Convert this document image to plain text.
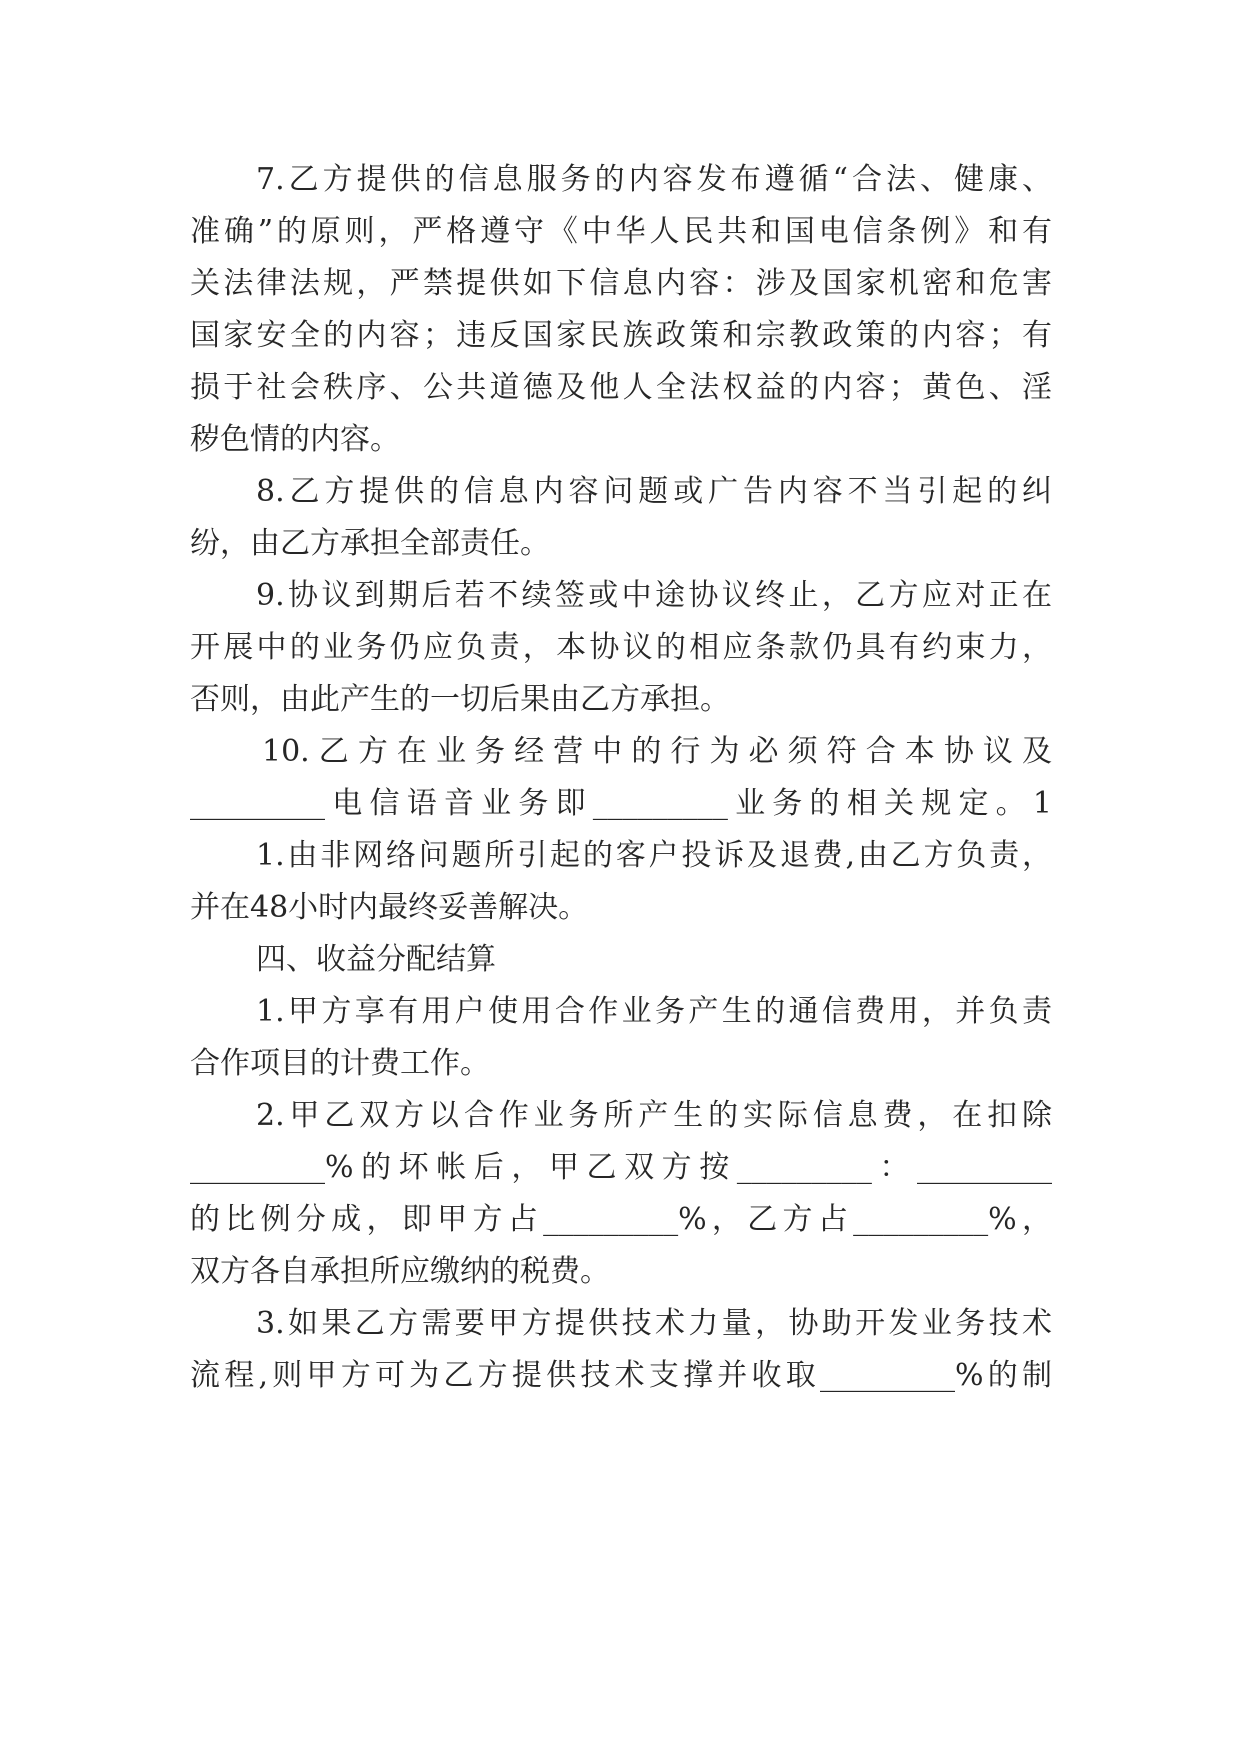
7.乙方提供的信息服务的内容发布遵循“合法、健康、
准确”的原则，严格遵守《中华人民共和国电信条例》和有
关法律法规，严禁提供如下信息内容：涉及国家机密和危害
国家安全的内容；违反国家民族政策和宗教政策的内容；有
损于社会秩序、公共道德及他人全法权益的内容；黄色、淫
秽色情的内容。
8.乙方提供的信息内容问题或广告内容不当引起的纠
纷，由乙方承担全部责任。
9.协议到期后若不续签或中途协议终止，乙方应对正在
开展中的业务仍应负责，本协议的相应条款仍具有约束力，
否则，由此产生的一切后果由乙方承担。
10.乙方在业务经营中的行为必须符合本协议及
_________电信语音业务即_________业务的相关规定。1
1.由非网络问题所引起的客户投诉及退费,由乙方负责，
并在48小时内最终妥善解决。
四、收益分配结算
1.甲方享有用户使用合作业务产生的通信费用，并负责
合作项目的计费工作。
2.甲乙双方以合作业务所产生的实际信息费，在扣除
_________%的坏帐后，甲乙双方按_________：_________
的比例分成，即甲方占_________%，乙方占_________%，
双方各自承担所应缴纳的税费。
3.如果乙方需要甲方提供技术力量，协助开发业务技术
流程,则甲方可为乙方提供技术支撑并收取_________%的制
